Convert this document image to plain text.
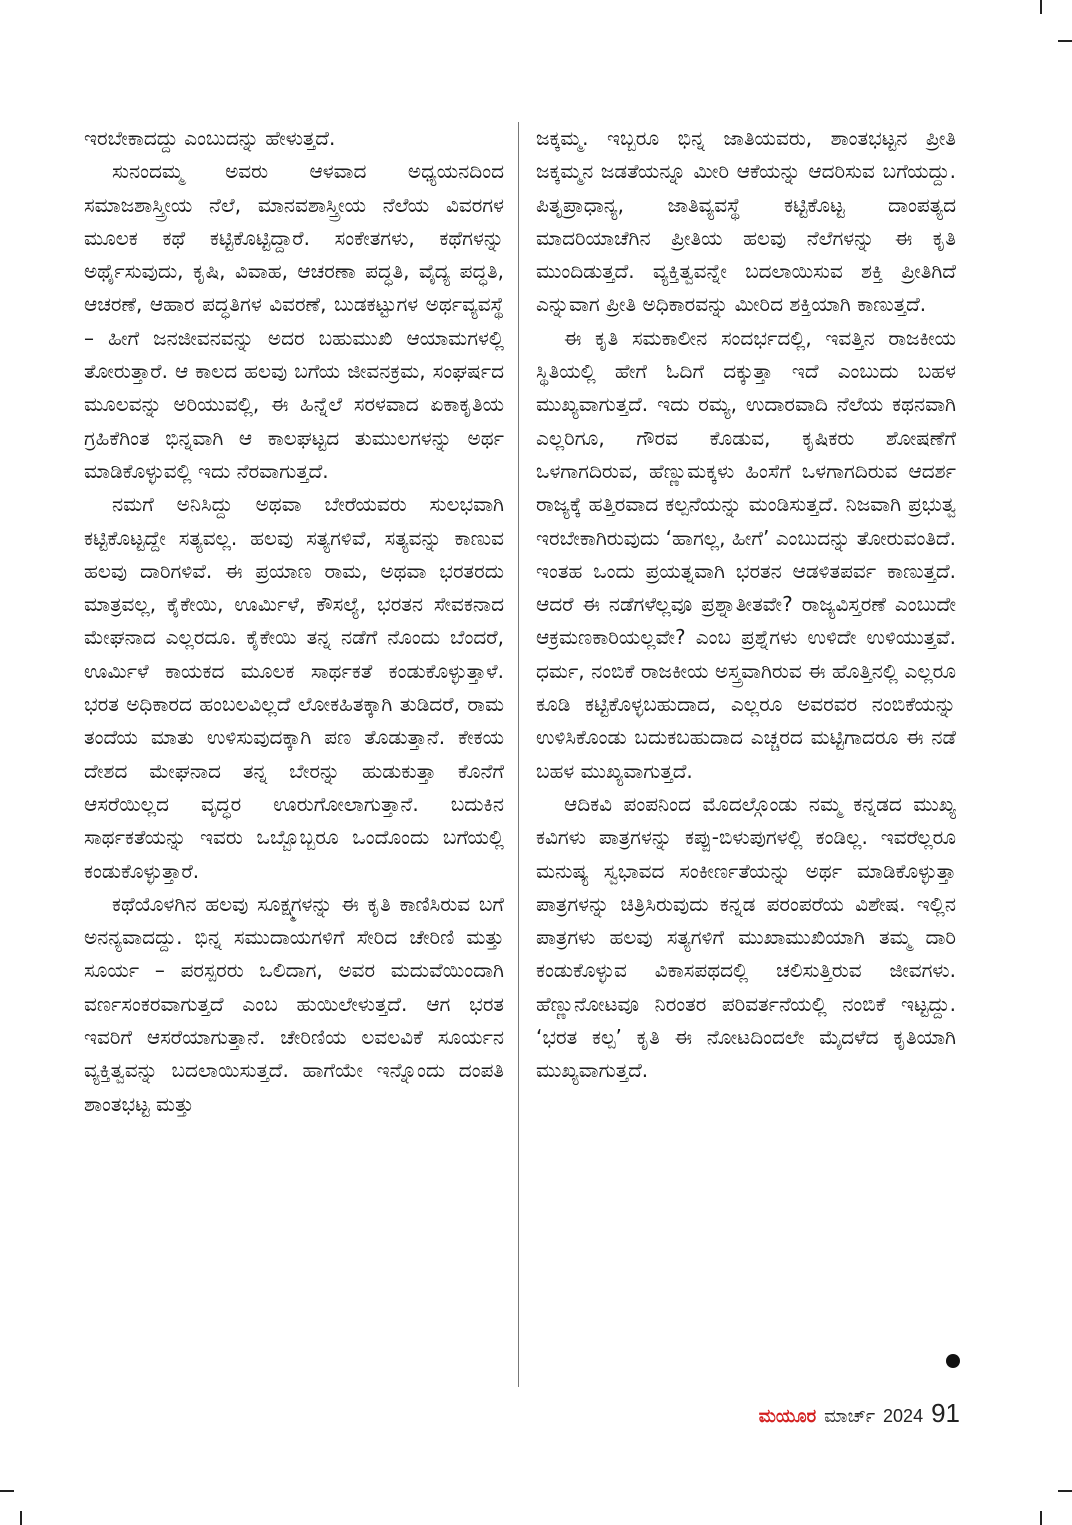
ಇರಬೇಕಾದದ್ದು ಎಂಬುದನ್ನು ಹೇಳುತ್ತದೆ.

ಸುನಂದಮ್ಮ ಅವರು ಆಳವಾದ ಅಧ್ಯಯನದಿಂದ ಸಮಾಜಶಾಸ್ತ್ರೀಯ ನೆಲೆ, ಮಾನವಶಾಸ್ತ್ರೀಯ ನೆಲೆಯ ವಿವರಗಳ ಮೂಲಕ ಕಥೆ ಕಟ್ಟಿಕೊಟ್ಟಿದ್ದಾರೆ. ಸಂಕೇತಗಳು, ಕಥೆಗಳನ್ನು ಅರ್ಥೈಸುವುದು, ಕೃಷಿ, ವಿವಾಹ, ಆಚರಣಾ ಪದ್ಧತಿ, ವೈದ್ಯ ಪದ್ಧತಿ, ಆಚರಣೆ, ಆಹಾರ ಪದ್ಧತಿಗಳ ವಿವರಣೆ, ಬುಡಕಟ್ಟುಗಳ ಅರ್ಥವ್ಯವಸ್ಥೆ – ಹೀಗೆ ಜನಜೀವನವನ್ನು ಅದರ ಬಹುಮುಖಿ ಆಯಾಮಗಳಲ್ಲಿ ತೋರುತ್ತಾರೆ. ಆ ಕಾಲದ ಹಲವು ಬಗೆಯ ಜೀವನಕ್ರಮ, ಸಂಘರ್ಷದ ಮೂಲವನ್ನು ಅರಿಯುವಲ್ಲಿ, ಈ ಹಿನ್ನೆಲೆ ಸರಳವಾದ ಏಕಾಕೃತಿಯ ಗ್ರಹಿಕೆಗಿಂತ ಭಿನ್ನವಾಗಿ ಆ ಕಾಲಘಟ್ಟದ ತುಮುಲಗಳನ್ನು ಅರ್ಥ ಮಾಡಿಕೊಳ್ಳುವಲ್ಲಿ ಇದು ನೆರವಾಗುತ್ತದೆ.

ನಮಗೆ ಅನಿಸಿದ್ದು ಅಥವಾ ಬೇರೆಯವರು ಸುಲಭವಾಗಿ ಕಟ್ಟಿಕೊಟ್ಟದ್ದೇ ಸತ್ಯವಲ್ಲ. ಹಲವು ಸತ್ಯಗಳಿವೆ, ಸತ್ಯವನ್ನು ಕಾಣುವ ಹಲವು ದಾರಿಗಳಿವೆ. ಈ ಪ್ರಯಾಣ ರಾಮ, ಅಥವಾ ಭರತರದು ಮಾತ್ರವಲ್ಲ, ಕೈಕೇಯಿ, ಊರ್ಮಿಳೆ, ಕೌಸಲ್ಯೆ, ಭರತನ ಸೇವಕನಾದ ಮೇಘನಾದ ಎಲ್ಲರದೂ. ಕೈಕೇಯಿ ತನ್ನ ನಡೆಗೆ ನೊಂದು ಬೆಂದರೆ, ಊರ್ಮಿಳೆ ಕಾಯಕದ ಮೂಲಕ ಸಾರ್ಥಕತೆ ಕಂಡುಕೊಳ್ಳುತ್ತಾಳೆ. ಭರತ ಅಧಿಕಾರದ ಹಂಬಲವಿಲ್ಲದೆ ಲೋಕಹಿತಕ್ಕಾಗಿ ತುಡಿದರೆ, ರಾಮ ತಂದೆಯ ಮಾತು ಉಳಿಸುವುದಕ್ಕಾಗಿ ಪಣ ತೊಡುತ್ತಾನೆ. ಕೇಕಯ ದೇಶದ ಮೇಘನಾದ ತನ್ನ ಬೇರನ್ನು ಹುಡುಕುತ್ತಾ ಕೊನೆಗೆ ಆಸರೆಯಿಲ್ಲದ ವೃದ್ಧರ ಊರುಗೋಲಾಗುತ್ತಾನೆ. ಬದುಕಿನ ಸಾರ್ಥಕತೆಯನ್ನು ಇವರು ಒಬ್ಬೊಬ್ಬರೂ ಒಂದೊಂದು ಬಗೆಯಲ್ಲಿ ಕಂಡುಕೊಳ್ಳುತ್ತಾರೆ.

ಕಥೆಯೊಳಗಿನ ಹಲವು ಸೂಕ್ಷ್ಮಗಳನ್ನು ಈ ಕೃತಿ ಕಾಣಿಸಿರುವ ಬಗೆ ಅನನ್ಯವಾದದ್ದು. ಭಿನ್ನ ಸಮುದಾಯಗಳಿಗೆ ಸೇರಿದ ಚೇರಿಣಿ ಮತ್ತು ಸೂರ್ಯ – ಪರಸ್ಪರರು ಒಲಿದಾಗ, ಅವರ ಮದುವೆಯಿಂದಾಗಿ ವರ್ಣಸಂಕರವಾಗುತ್ತದೆ ಎಂಬ ಹುಯಿಲೇಳುತ್ತದೆ. ಆಗ ಭರತ ಇವರಿಗೆ ಆಸರೆಯಾಗುತ್ತಾನೆ. ಚೇರಿಣಿಯ ಲವಲವಿಕೆ ಸೂರ್ಯನ ವ್ಯಕ್ತಿತ್ವವನ್ನು ಬದಲಾಯಿಸುತ್ತದೆ. ಹಾಗೆಯೇ ಇನ್ನೊಂದು ದಂಪತಿ ಶಾಂತಭಟ್ಟ ಮತ್ತು

ಜಕ್ಕಮ್ಮ. ಇಬ್ಬರೂ ಭಿನ್ನ ಜಾತಿಯವರು, ಶಾಂತಭಟ್ಟನ ಪ್ರೀತಿ ಜಕ್ಕಮ್ಮನ ಜಡತೆಯನ್ನೂ ಮೀರಿ ಆಕೆಯನ್ನು ಆದರಿಸುವ ಬಗೆಯದ್ದು. ಪಿತೃಪ್ರಾಧಾನ್ಯ, ಜಾತಿವ್ಯವಸ್ಥೆ ಕಟ್ಟಿಕೊಟ್ಟ ದಾಂಪತ್ಯದ ಮಾದರಿಯಾಚೆಗಿನ ಪ್ರೀತಿಯ ಹಲವು ನೆಲೆಗಳನ್ನು ಈ ಕೃತಿ ಮುಂದಿಡುತ್ತದೆ. ವ್ಯಕ್ತಿತ್ವವನ್ನೇ ಬದಲಾಯಿಸುವ ಶಕ್ತಿ ಪ್ರೀತಿಗಿದೆ ಎನ್ನುವಾಗ ಪ್ರೀತಿ ಅಧಿಕಾರವನ್ನು ಮೀರಿದ ಶಕ್ತಿಯಾಗಿ ಕಾಣುತ್ತದೆ.

ಈ ಕೃತಿ ಸಮಕಾಲೀನ ಸಂದರ್ಭದಲ್ಲಿ, ಇವತ್ತಿನ ರಾಜಕೀಯ ಸ್ಥಿತಿಯಲ್ಲಿ ಹೇಗೆ ಓದಿಗೆ ದಕ್ಕುತ್ತಾ ಇದೆ ಎಂಬುದು ಬಹಳ ಮುಖ್ಯವಾಗುತ್ತದೆ. ಇದು ರಮ್ಯ, ಉದಾರವಾದಿ ನೆಲೆಯ ಕಥನವಾಗಿ ಎಲ್ಲರಿಗೂ, ಗೌರವ ಕೊಡುವ, ಕೃಷಿಕರು ಶೋಷಣೆಗೆ ಒಳಗಾಗದಿರುವ, ಹೆಣ್ಣುಮಕ್ಕಳು ಹಿಂಸೆಗೆ ಒಳಗಾಗದಿರುವ ಆದರ್ಶ ರಾಜ್ಯಕ್ಕೆ ಹತ್ತಿರವಾದ ಕಲ್ಪನೆಯನ್ನು ಮಂಡಿಸುತ್ತದೆ. ನಿಜವಾಗಿ ಪ್ರಭುತ್ವ ಇರಬೇಕಾಗಿರುವುದು ‘ಹಾಗಲ್ಲ, ಹೀಗೆ’ ಎಂಬುದನ್ನು ತೋರುವಂತಿದೆ. ಇಂತಹ ಒಂದು ಪ್ರಯತ್ನವಾಗಿ ಭರತನ ಆಡಳಿತಪರ್ವ ಕಾಣುತ್ತದೆ. ಆದರೆ ಈ ನಡೆಗಳೆಲ್ಲವೂ ಪ್ರಶ್ನಾತೀತವೇ? ರಾಜ್ಯವಿಸ್ತರಣೆ ಎಂಬುದೇ ಆಕ್ರಮಣಕಾರಿಯಲ್ಲವೇ? ಎಂಬ ಪ್ರಶ್ನೆಗಳು ಉಳಿದೇ ಉಳಿಯುತ್ತವೆ. ಧರ್ಮ, ನಂಬಿಕೆ ರಾಜಕೀಯ ಅಸ್ತ್ರವಾಗಿರುವ ಈ ಹೊತ್ತಿನಲ್ಲಿ ಎಲ್ಲರೂ ಕೂಡಿ ಕಟ್ಟಿಕೊಳ್ಳಬಹುದಾದ, ಎಲ್ಲರೂ ಅವರವರ ನಂಬಿಕೆಯನ್ನು ಉಳಿಸಿಕೊಂಡು ಬದುಕಬಹುದಾದ ಎಚ್ಚರದ ಮಟ್ಟಿಗಾದರೂ ಈ ನಡೆ ಬಹಳ ಮುಖ್ಯವಾಗುತ್ತದೆ.

ಆದಿಕವಿ ಪಂಪನಿಂದ ಮೊದಲ್ಗೊಂಡು ನಮ್ಮ ಕನ್ನಡದ ಮುಖ್ಯ ಕವಿಗಳು ಪಾತ್ರಗಳನ್ನು ಕಪ್ಪು-ಬಿಳುಪುಗಳಲ್ಲಿ ಕಂಡಿಲ್ಲ. ಇವರೆಲ್ಲರೂ ಮನುಷ್ಯ ಸ್ವಭಾವದ ಸಂಕೀರ್ಣತೆಯನ್ನು ಅರ್ಥ ಮಾಡಿಕೊಳ್ಳುತ್ತಾ ಪಾತ್ರಗಳನ್ನು ಚಿತ್ರಿಸಿರುವುದು ಕನ್ನಡ ಪರಂಪರೆಯ ವಿಶೇಷ. ಇಲ್ಲಿನ ಪಾತ್ರಗಳು ಹಲವು ಸತ್ಯಗಳಿಗೆ ಮುಖಾಮುಖಿಯಾಗಿ ತಮ್ಮ ದಾರಿ ಕಂಡುಕೊಳ್ಳುವ ವಿಕಾಸಪಥದಲ್ಲಿ ಚಲಿಸುತ್ತಿರುವ ಜೀವಗಳು. ಹೆಣ್ಣುನೋಟವೂ ನಿರಂತರ ಪರಿವರ್ತನೆಯಲ್ಲಿ ನಂಬಿಕೆ ಇಟ್ಟದ್ದು. ‘ಭರತ ಕಲ್ಪ’ ಕೃತಿ ಈ ನೋಟದಿಂದಲೇ ಮೈದಳೆದ ಕೃತಿಯಾಗಿ ಮುಖ್ಯವಾಗುತ್ತದೆ.

ಮಯೂರ ಮಾರ್ಚ್ 2024 91
